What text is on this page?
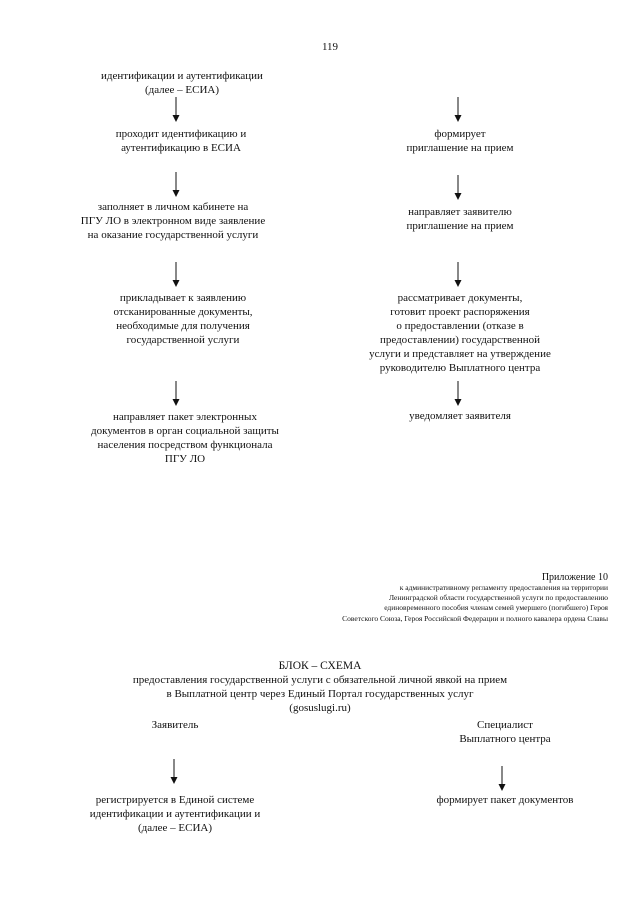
119

идентификации и аутентификации
(далее – ЕСИА)

проходит идентификацию и
аутентификацию в ЕСИА

заполняет в личном кабинете на
ПГУ ЛО в электронном виде заявление
на оказание государственной услуги

прикладывает к заявлению
отсканированные документы,
необходимые для получения
государственной услуги

направляет пакет электронных
документов в орган социальной защиты
населения посредством функционала
ПГУ ЛО

формирует
приглашение на прием

направляет заявителю
приглашение на прием

рассматривает документы,
готовит проект распоряжения
о предоставлении (отказе в
предоставлении) государственной
услуги и представляет на утверждение
руководителю Выплатного центра

уведомляет заявителя

Приложение 10

к административному регламенту предоставления на территории
Ленинградской области государственной услуги по предоставлению
единовременного пособия членам семей умершего (погибшего) Героя
Советского Союза, Героя Российской Федерации и полного кавалера ордена Славы

БЛОК – СХЕМА

предоставления государственной услуги с обязательной личной явкой на прием
в Выплатной центр через Единый Портал государственных услуг
(gosuslugi.ru)

Заявитель	Специалист
Выплатного центра

регистрируется в Единой системе
идентификации и аутентификации и
(далее – ЕСИА)

формирует пакет документов
